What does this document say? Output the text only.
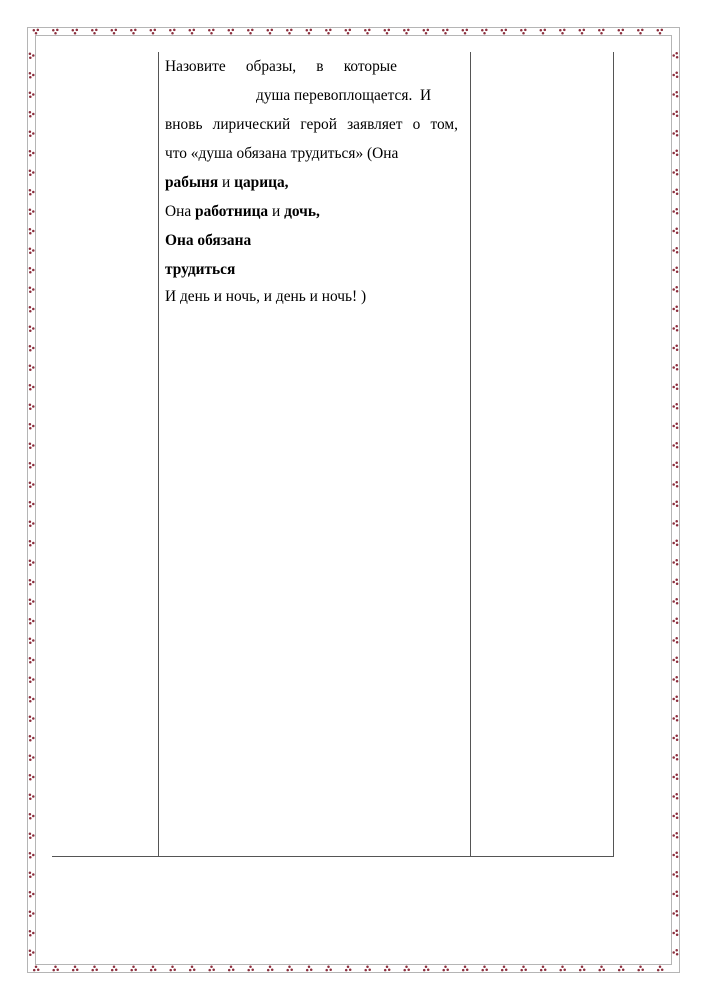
Назовите образы, в которые

душа перевоплощается.  И

вновь лирический герой заявляет о том,

что «душа обязана трудиться» (Она

рабыня и царица,

Она работница и дочь,

Она обязана

трудиться

И день и ночь, и день и ночь! )
